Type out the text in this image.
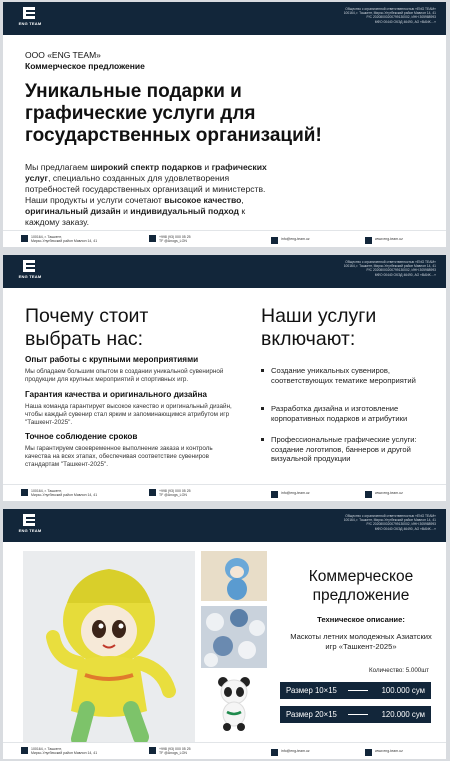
ENG TEAM
Общество с ограниченной ответственностью «ENG TEAM»
100164, г. Ташкент, Мирзо-Улугбекский район Мавлон 14, 41
Р/С 20208000200799130002, ИНН 305988993
МФО 00440 ОКЭД 46490, АО «BANK…»
ООО «ENG TEAM»
Коммерческое предложение
Уникальные подарки и графические услуги для государственных организаций!
Мы предлагаем широкий спектр подарков и графических услуг, специально созданных для удовлетворения потребностей государственных организаций и министерств. Наши продукты и услуги сочетают высокое качество, оригинальный дизайн и индивидуальный подход к каждому заказу.
100164, г. Ташкент,
Мирзо-Улугбекский район Мавлон 14, 41
+998 (93) 000 05 25
TF @Anogs_LON
info@eng-team.uz	www.eng-team.uz
ENG TEAM
Общество с ограниченной ответственностью «ENG TEAM»
100164, г. Ташкент, Мирзо-Улугбекский район Мавлон 14, 41
Р/С 20208000200799130002, ИНН 305988993
МФО 00440 ОКЭД 46490, АО «BANK…»
Почему стоит выбрать нас:
Опыт работы с крупными мероприятиями
Мы обладаем большим опытом в создании уникальной сувенирной продукции для крупных мероприятий и спортивных игр.
Гарантия качества и оригинального дизайна
Наша команда гарантирует высокое качество и оригинальный дизайн, чтобы каждый сувенир стал ярким и запоминающимся атрибутом игр "Ташкент-2025".
Точное соблюдение сроков
Мы гарантируем своевременное выполнение заказа и контроль качества на всех этапах, обеспечивая соответствие сувениров стандартам "Ташкент-2025".
Наши услуги включают:
Создание уникальных сувениров, соответствующих тематике мероприятий
Разработка дизайна и изготовление корпоративных подарков и атрибутики
Профессиональные графические услуги: создание логотипов, баннеров и другой визуальной продукции
100164, г. Ташкент,
Мирзо-Улугбекский район Мавлон 14, 41
+998 (93) 000 05 25
TF @Anogs_LON
info@eng-team.uz	www.eng-team.uz
ENG TEAM
Общество с ограниченной ответственностью «ENG TEAM»
100164, г. Ташкент, Мирзо-Улугбекский район Мавлон 14, 41
Р/С 20208000200799130002, ИНН 305988993
МФО 00440 ОКЭД 46490, АО «BANK…»
Коммерческое предложение
Техническое описание:
Маскоты летних молодежных Азиатских игр «Ташкент-2025»
Количество: 5.000шт
Размер 10×15	100.000 сум
Размер 20×15	120.000 сум
100164, г. Ташкент,
Мирзо-Улугбекский район Мавлон 14, 41
+998 (93) 000 05 25
TF @Anogs_LON
info@eng-team.uz	www.eng-team.uz
